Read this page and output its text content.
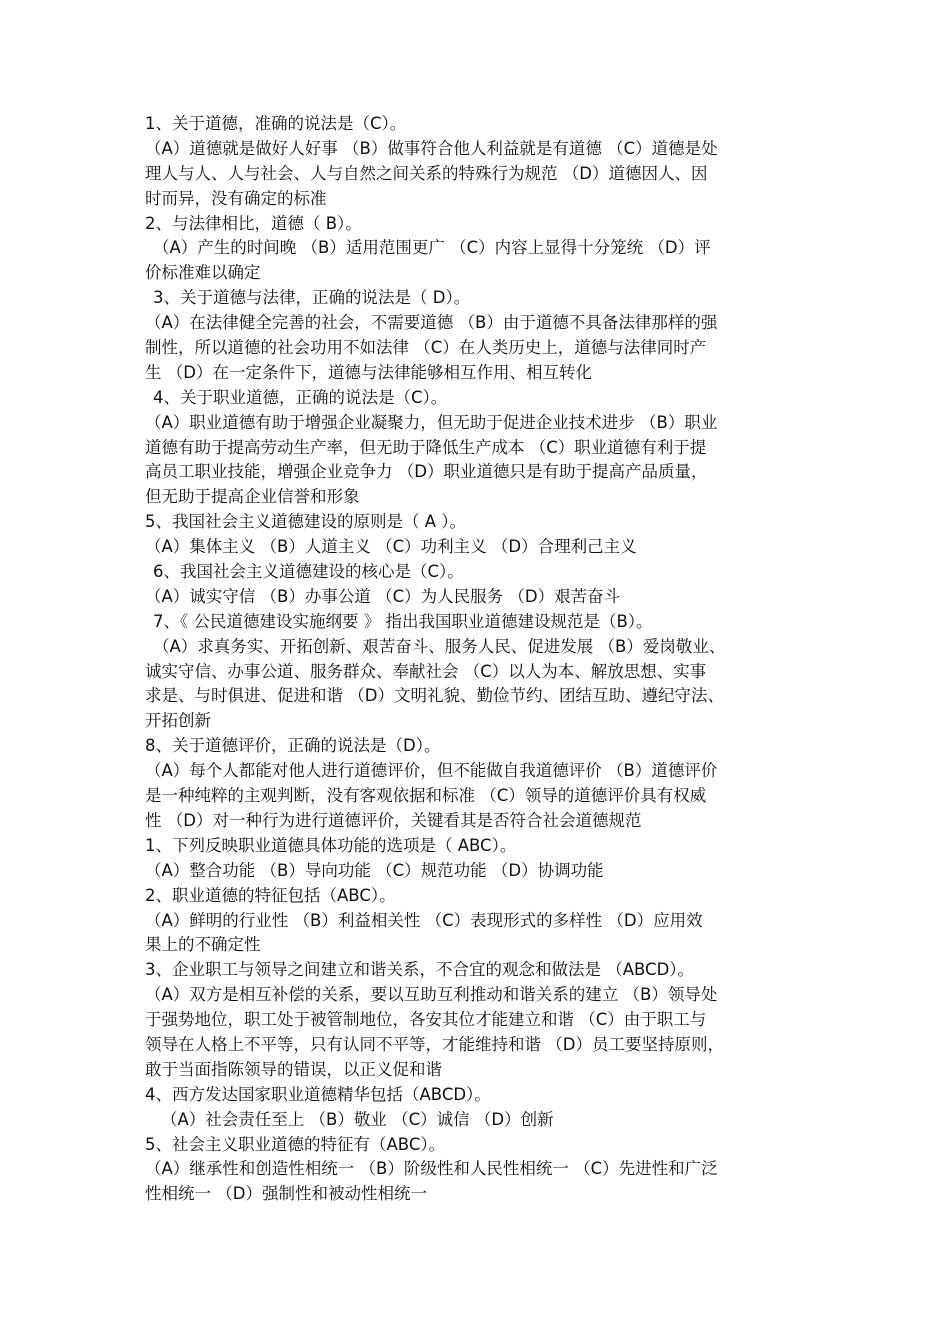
1、关于道德，准确的说法是（C）。
（A）道德就是做好人好事 （B）做事符合他人利益就是有道德 （C）道德是处
理人与人、人与社会、人与自然之间关系的特殊行为规范 （D）道德因人、因
时而异，没有确定的标准
2、与法律相比，道德（ B）。
（A）产生的时间晚 （B）适用范围更广 （C）内容上显得十分笼统 （D）评
价标准难以确定
3、关于道德与法律，正确的说法是（ D）。
（A）在法律健全完善的社会，不需要道德 （B）由于道德不具备法律那样的强
制性，所以道德的社会功用不如法律 （C）在人类历史上，道德与法律同时产
生 （D）在一定条件下，道德与法律能够相互作用、相互转化
4、关于职业道德，正确的说法是（C）。
（A）职业道德有助于增强企业凝聚力，但无助于促进企业技术进步 （B）职业
道德有助于提高劳动生产率，但无助于降低生产成本 （C）职业道德有利于提
高员工职业技能，增强企业竞争力 （D）职业道德只是有助于提高产品质量，
但无助于提高企业信誉和形象
5、我国社会主义道德建设的原则是（ A ）。
（A）集体主义 （B）人道主义 （C）功利主义 （D）合理利己主义
6、我国社会主义道德建设的核心是（C）。
（A）诚实守信 （B）办事公道 （C）为人民服务 （D）艰苦奋斗
7、《 公民道德建设实施纲要 》 指出我国职业道德建设规范是（B）。
（A）求真务实、开拓创新、艰苦奋斗、服务人民、促进发展 （B）爱岗敬业、
诚实守信、办事公道、服务群众、奉献社会 （C）以人为本、解放思想、实事
求是、与时俱进、促进和谐 （D）文明礼貌、勤俭节约、团结互助、遵纪守法、
开拓创新
8、关于道德评价，正确的说法是（D）。
（A）每个人都能对他人进行道德评价，但不能做自我道德评价 （B）道德评价
是一种纯粹的主观判断，没有客观依据和标准 （C）领导的道德评价具有权威
性 （D）对一种行为进行道德评价，关键看其是否符合社会道德规范
1、下列反映职业道德具体功能的选项是（ ABC）。
（A）整合功能 （B）导向功能 （C）规范功能 （D）协调功能
2、职业道德的特征包括（ABC）。
（A）鲜明的行业性 （B）利益相关性 （C）表现形式的多样性 （D）应用效
果上的不确定性
3、企业职工与领导之间建立和谐关系，不合宜的观念和做法是 （ABCD）。
（A）双方是相互补偿的关系，要以互助互利推动和谐关系的建立 （B）领导处
于强势地位，职工处于被管制地位，各安其位才能建立和谐 （C）由于职工与
领导在人格上不平等，只有认同不平等，才能维持和谐 （D）员工要坚持原则，
敢于当面指陈领导的错误，以正义促和谐
4、西方发达国家职业道德精华包括（ABCD）。
（A）社会责任至上 （B）敬业 （C）诚信 （D）创新
5、社会主义职业道德的特征有（ABC）。
（A）继承性和创造性相统一 （B）阶级性和人民性相统一 （C）先进性和广泛
性相统一 （D）强制性和被动性相统一
